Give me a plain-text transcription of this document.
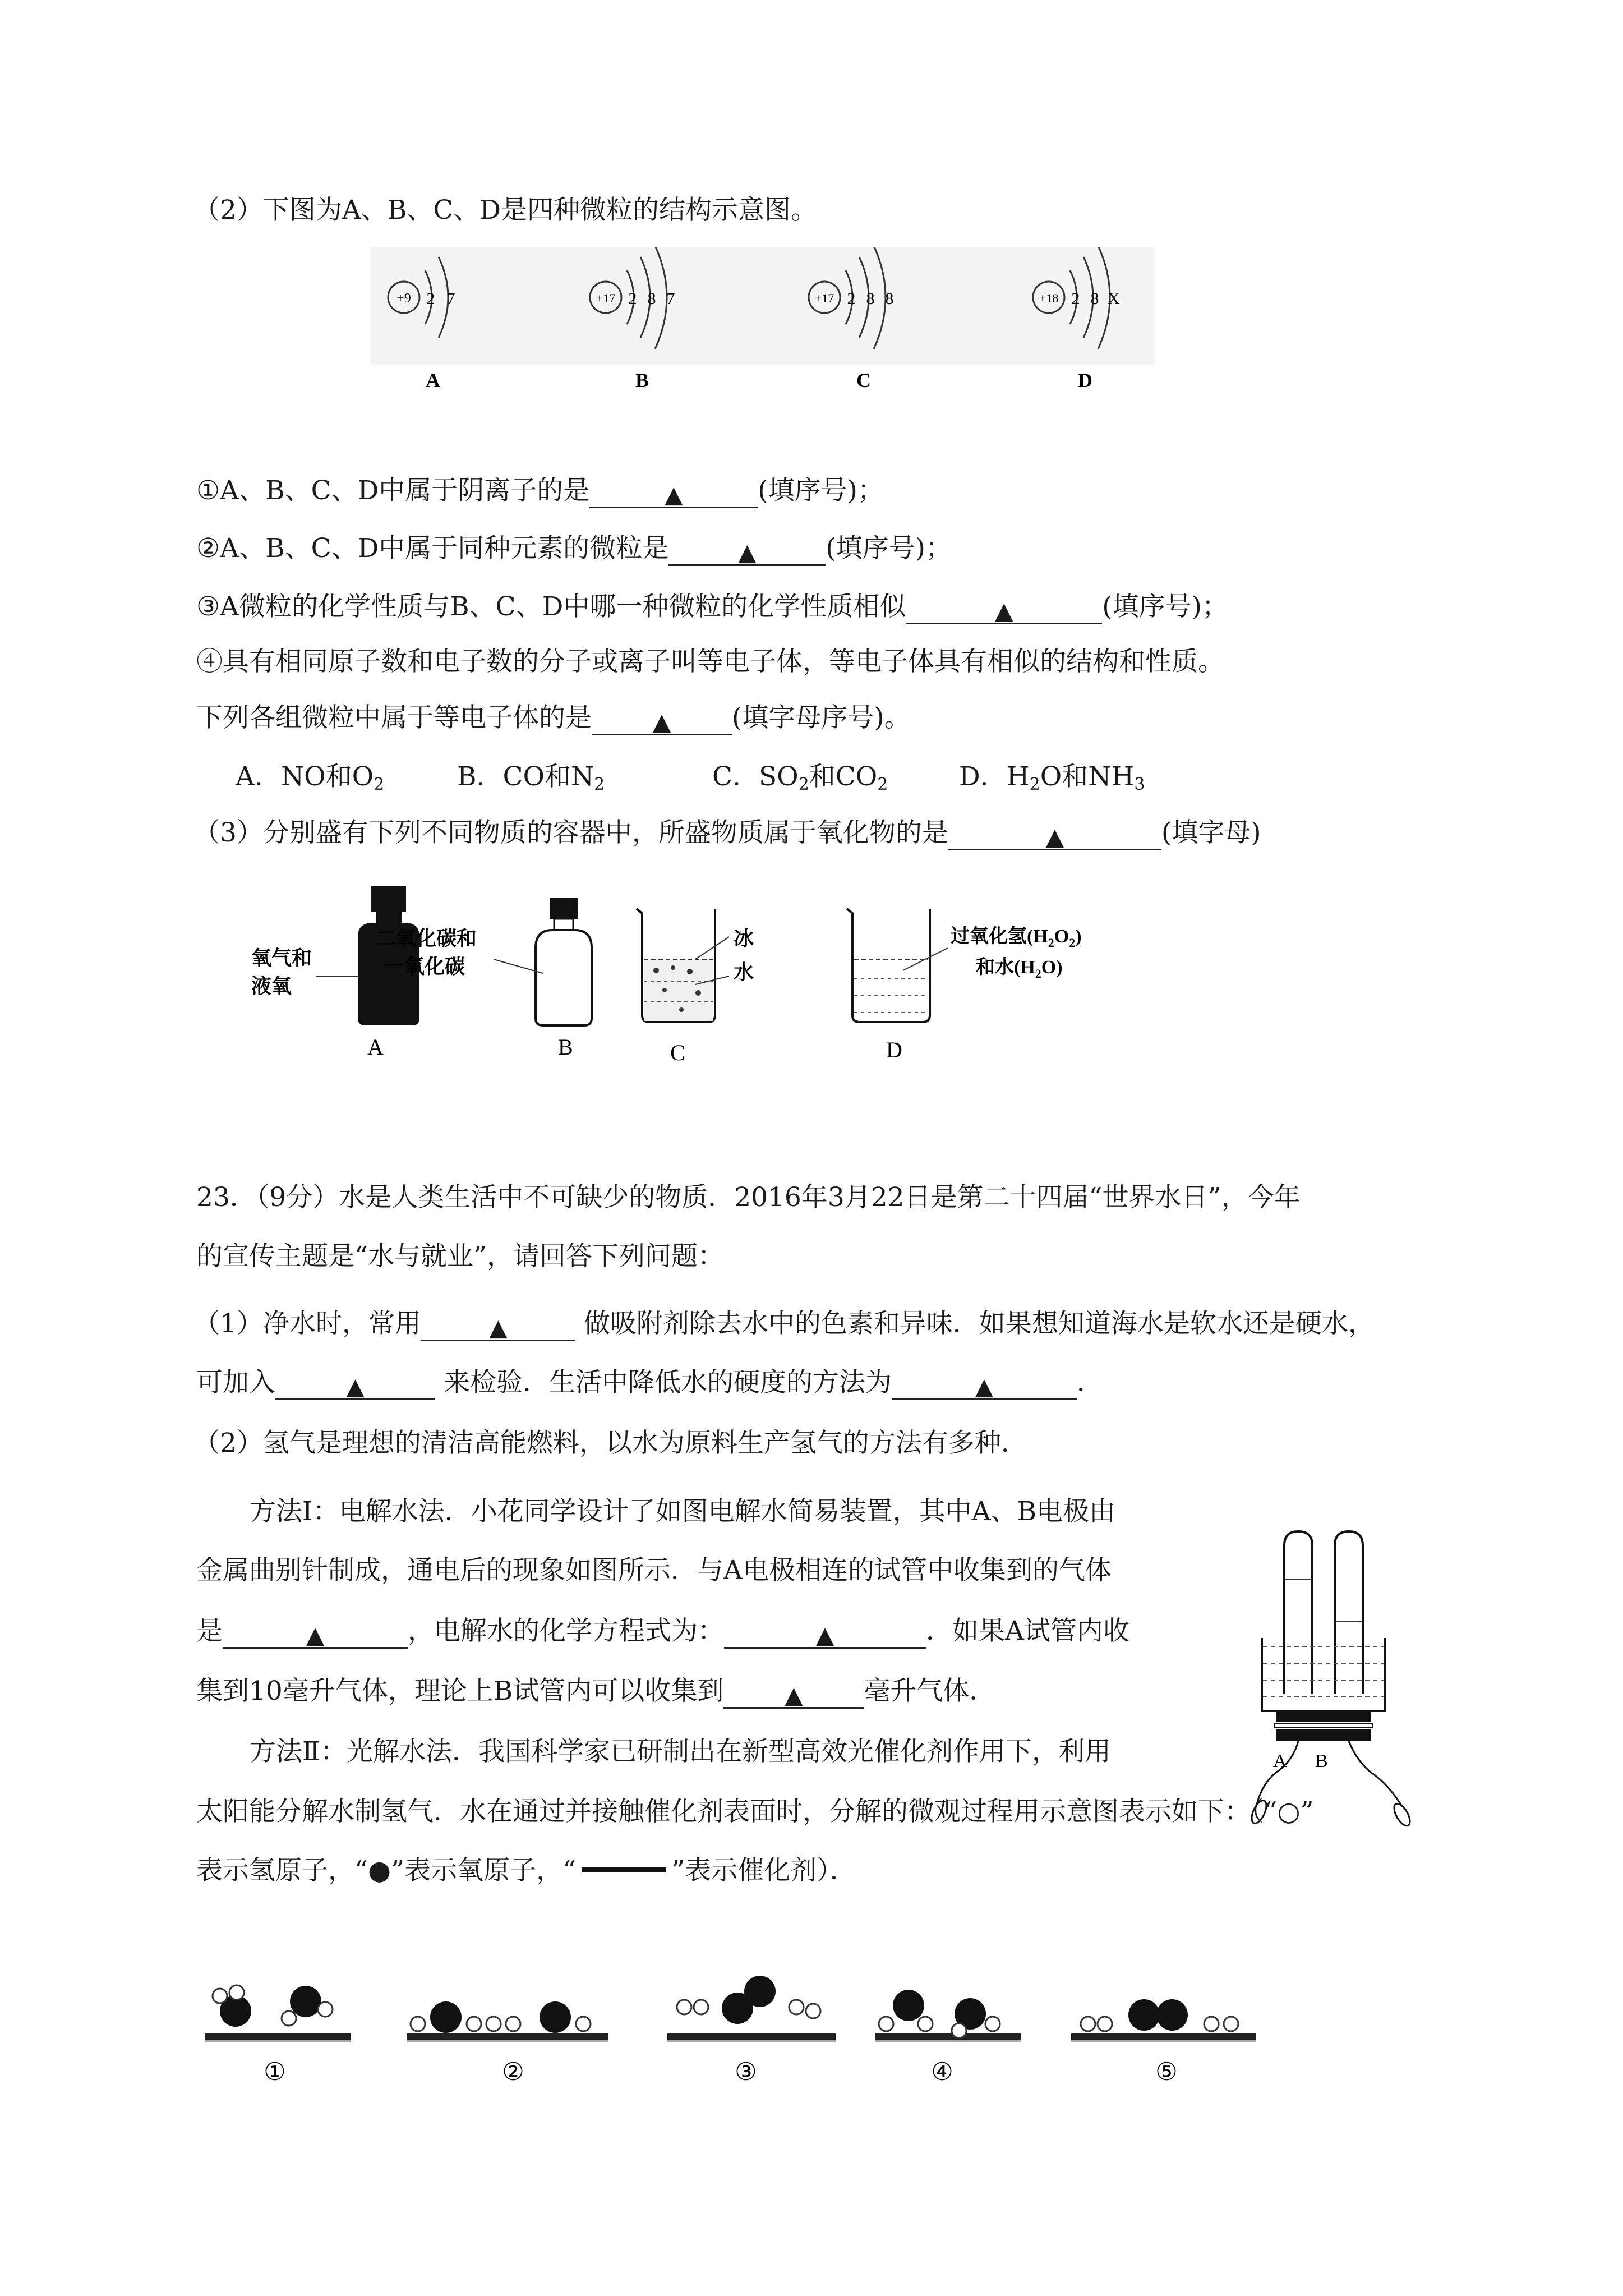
（2）下图为A、B、C、D是四种微粒的结构示意图。
+9 2 7
A
+17 2 8 7
B
+17 2 8 8
C
+18 2 8 X
D
①A、B、C、D中属于阴离子的是	▲	(填序号)；
②A、B、C、D中属于同种元素的微粒是	▲	(填序号)；
③A微粒的化学性质与B、C、D中哪一种微粒的化学性质相似	▲	(填序号)；
④具有相同原子数和电子数的分子或离子叫等电子体，等电子体具有相似的结构和性质。
下列各组微粒中属于等电子体的是	▲ (填字母序号)。
A．NO和$O_2$	B．CO和$N_2$	C．$SO_2$和$CO_2$	D．$H_2O$和$NH_3$
（3）分别盛有下列不同物质的容器中，所盛物质属于氧化物的是	▲	(填字母)
氧气和
液氧
A
二氧化碳和
一氧化碳
B
冰
水
C
过氧化氢$(H_2O_2)$
和水$(H_2O)$
D
23．（9分）水是人类生活中不可缺少的物质．2016年3月22日是第二十四届“世界水日”，今年
的宣传主题是“水与就业”，请回答下列问题：
（1）净水时，常用	▲	做吸附剂除去水中的色素和异味．如果想知道海水是软水还是硬水，
可加入	▲	来检验．生活中降低水的硬度的方法为	▲	．
（2）氢气是理想的清洁高能燃料，以水为原料生产氢气的方法有多种．
方法Ⅰ：电解水法．小花同学设计了如图电解水简易装置，其中A、B电极由
金属曲别针制成，通电后的现象如图所示．与A电极相连的试管中收集到的气体
是	▲	，电解水的化学方程式为：	▲	．如果A试管内收
集到10毫升气体，理论上B试管内可以收集到	▲ 毫升气体．
A B
方法Ⅱ：光解水法．我国科学家已研制出在新型高效光催化剂作用下，利用
太阳能分解水制氢气．水在通过并接触催化剂表面时，分解的微观过程用示意图表示如下：（“○”
表示氢原子，“●”表示氧原子，“	”表示催化剂）．
①	②	③	④	⑤
